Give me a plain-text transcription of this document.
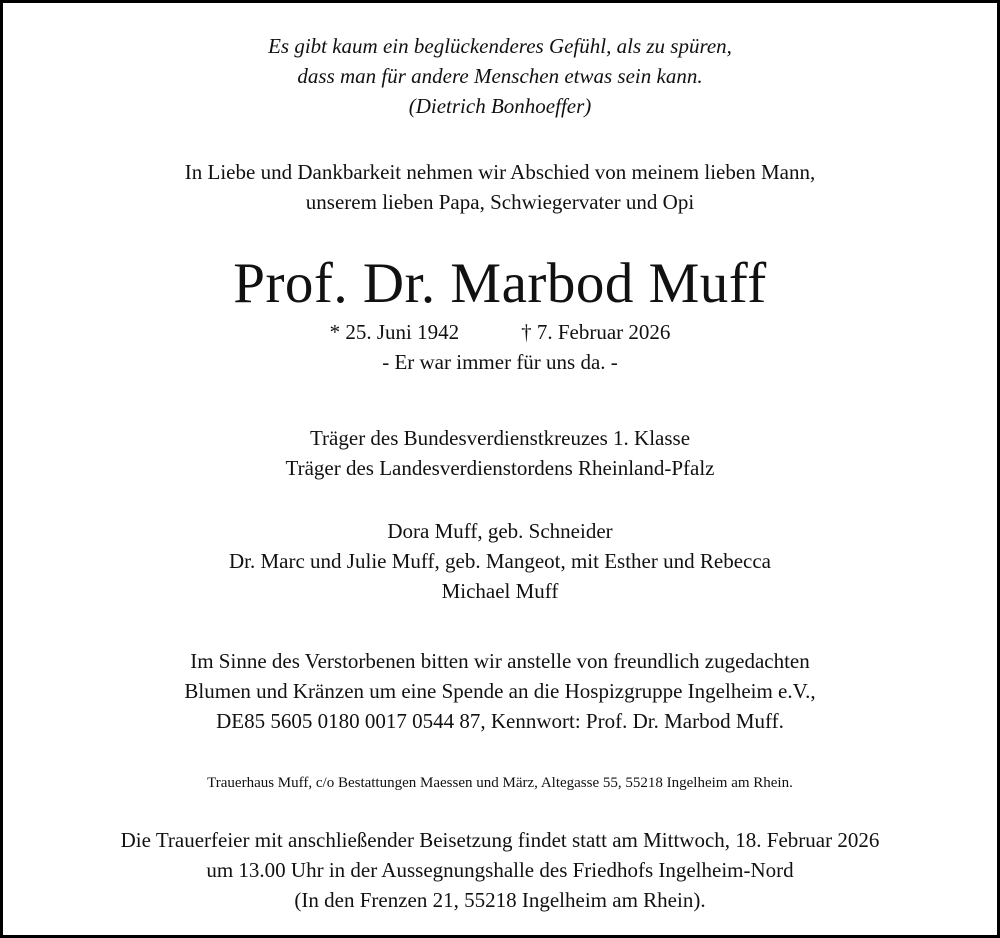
Es gibt kaum ein beglückenderes Gefühl, als zu spüren,
dass man für andere Menschen etwas sein kann.
(Dietrich Bonhoeffer)
In Liebe und Dankbarkeit nehmen wir Abschied von meinem lieben Mann,
unserem lieben Papa, Schwiegervater und Opi
Prof. Dr. Marbod Muff
* 25. Juni 1942	† 7. Februar 2026
- Er war immer für uns da. -
Träger des Bundesverdienstkreuzes 1. Klasse
Träger des Landesverdienstordens Rheinland-Pfalz
Dora Muff, geb. Schneider
Dr. Marc und Julie Muff, geb. Mangeot, mit Esther und Rebecca
Michael Muff
Im Sinne des Verstorbenen bitten wir anstelle von freundlich zugedachten
Blumen und Kränzen um eine Spende an die Hospizgruppe Ingelheim e.V.,
DE85 5605 0180 0017 0544 87, Kennwort: Prof. Dr. Marbod Muff.
Trauerhaus Muff, c/o Bestattungen Maessen und März, Altegasse 55, 55218 Ingelheim am Rhein.
Die Trauerfeier mit anschließender Beisetzung findet statt am Mittwoch, 18. Februar 2026
um 13.00 Uhr in der Aussegnungshalle des Friedhofs Ingelheim-Nord
(In den Frenzen 21, 55218 Ingelheim am Rhein).
